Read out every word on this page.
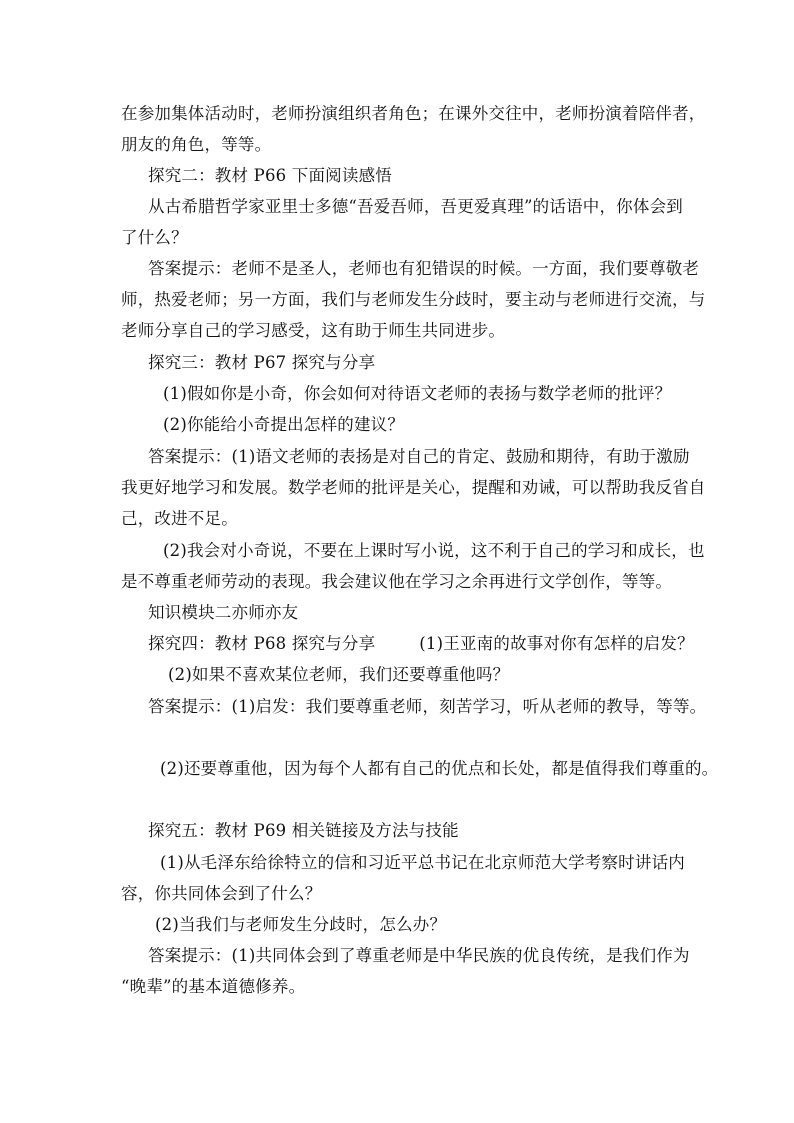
在参加集体活动时，老师扮演组织者角色；在课外交往中，老师扮演着陪伴者，
朋友的角色，等等。
探究二：教材 P66 下面阅读感悟
从古希腊哲学家亚里士多德“吾爱吾师，吾更爱真理”的话语中，你体会到
了什么？
答案提示：老师不是圣人，老师也有犯错误的时候。一方面，我们要尊敬老
师，热爱老师；另一方面，我们与老师发生分歧时，要主动与老师进行交流，与
老师分享自己的学习感受，这有助于师生共同进步。
探究三：教材 P67 探究与分享
(1)假如你是小奇，你会如何对待语文老师的表扬与数学老师的批评？
(2)你能给小奇提出怎样的建议？
答案提示：(1)语文老师的表扬是对自己的肯定、鼓励和期待，有助于激励
我更好地学习和发展。数学老师的批评是关心，提醒和劝诫，可以帮助我反省自
己，改进不足。
(2)我会对小奇说，不要在上课时写小说，这不利于自己的学习和成长，也
是不尊重老师劳动的表现。我会建议他在学习之余再进行文学创作，等等。
知识模块二亦师亦友
探究四：教材 P68 探究与分享	(1)王亚南的故事对你有怎样的启发？
(2)如果不喜欢某位老师，我们还要尊重他吗？
答案提示：(1)启发：我们要尊重老师，刻苦学习，听从老师的教导，等等。
(2)还要尊重他，因为每个人都有自己的优点和长处，都是值得我们尊重的。
探究五：教材 P69 相关链接及方法与技能
(1)从毛泽东给徐特立的信和习近平总书记在北京师范大学考察时讲话内
容，你共同体会到了什么？
(2)当我们与老师发生分歧时，怎么办？
答案提示：(1)共同体会到了尊重老师是中华民族的优良传统，是我们作为
“晚辈”的基本道德修养。
